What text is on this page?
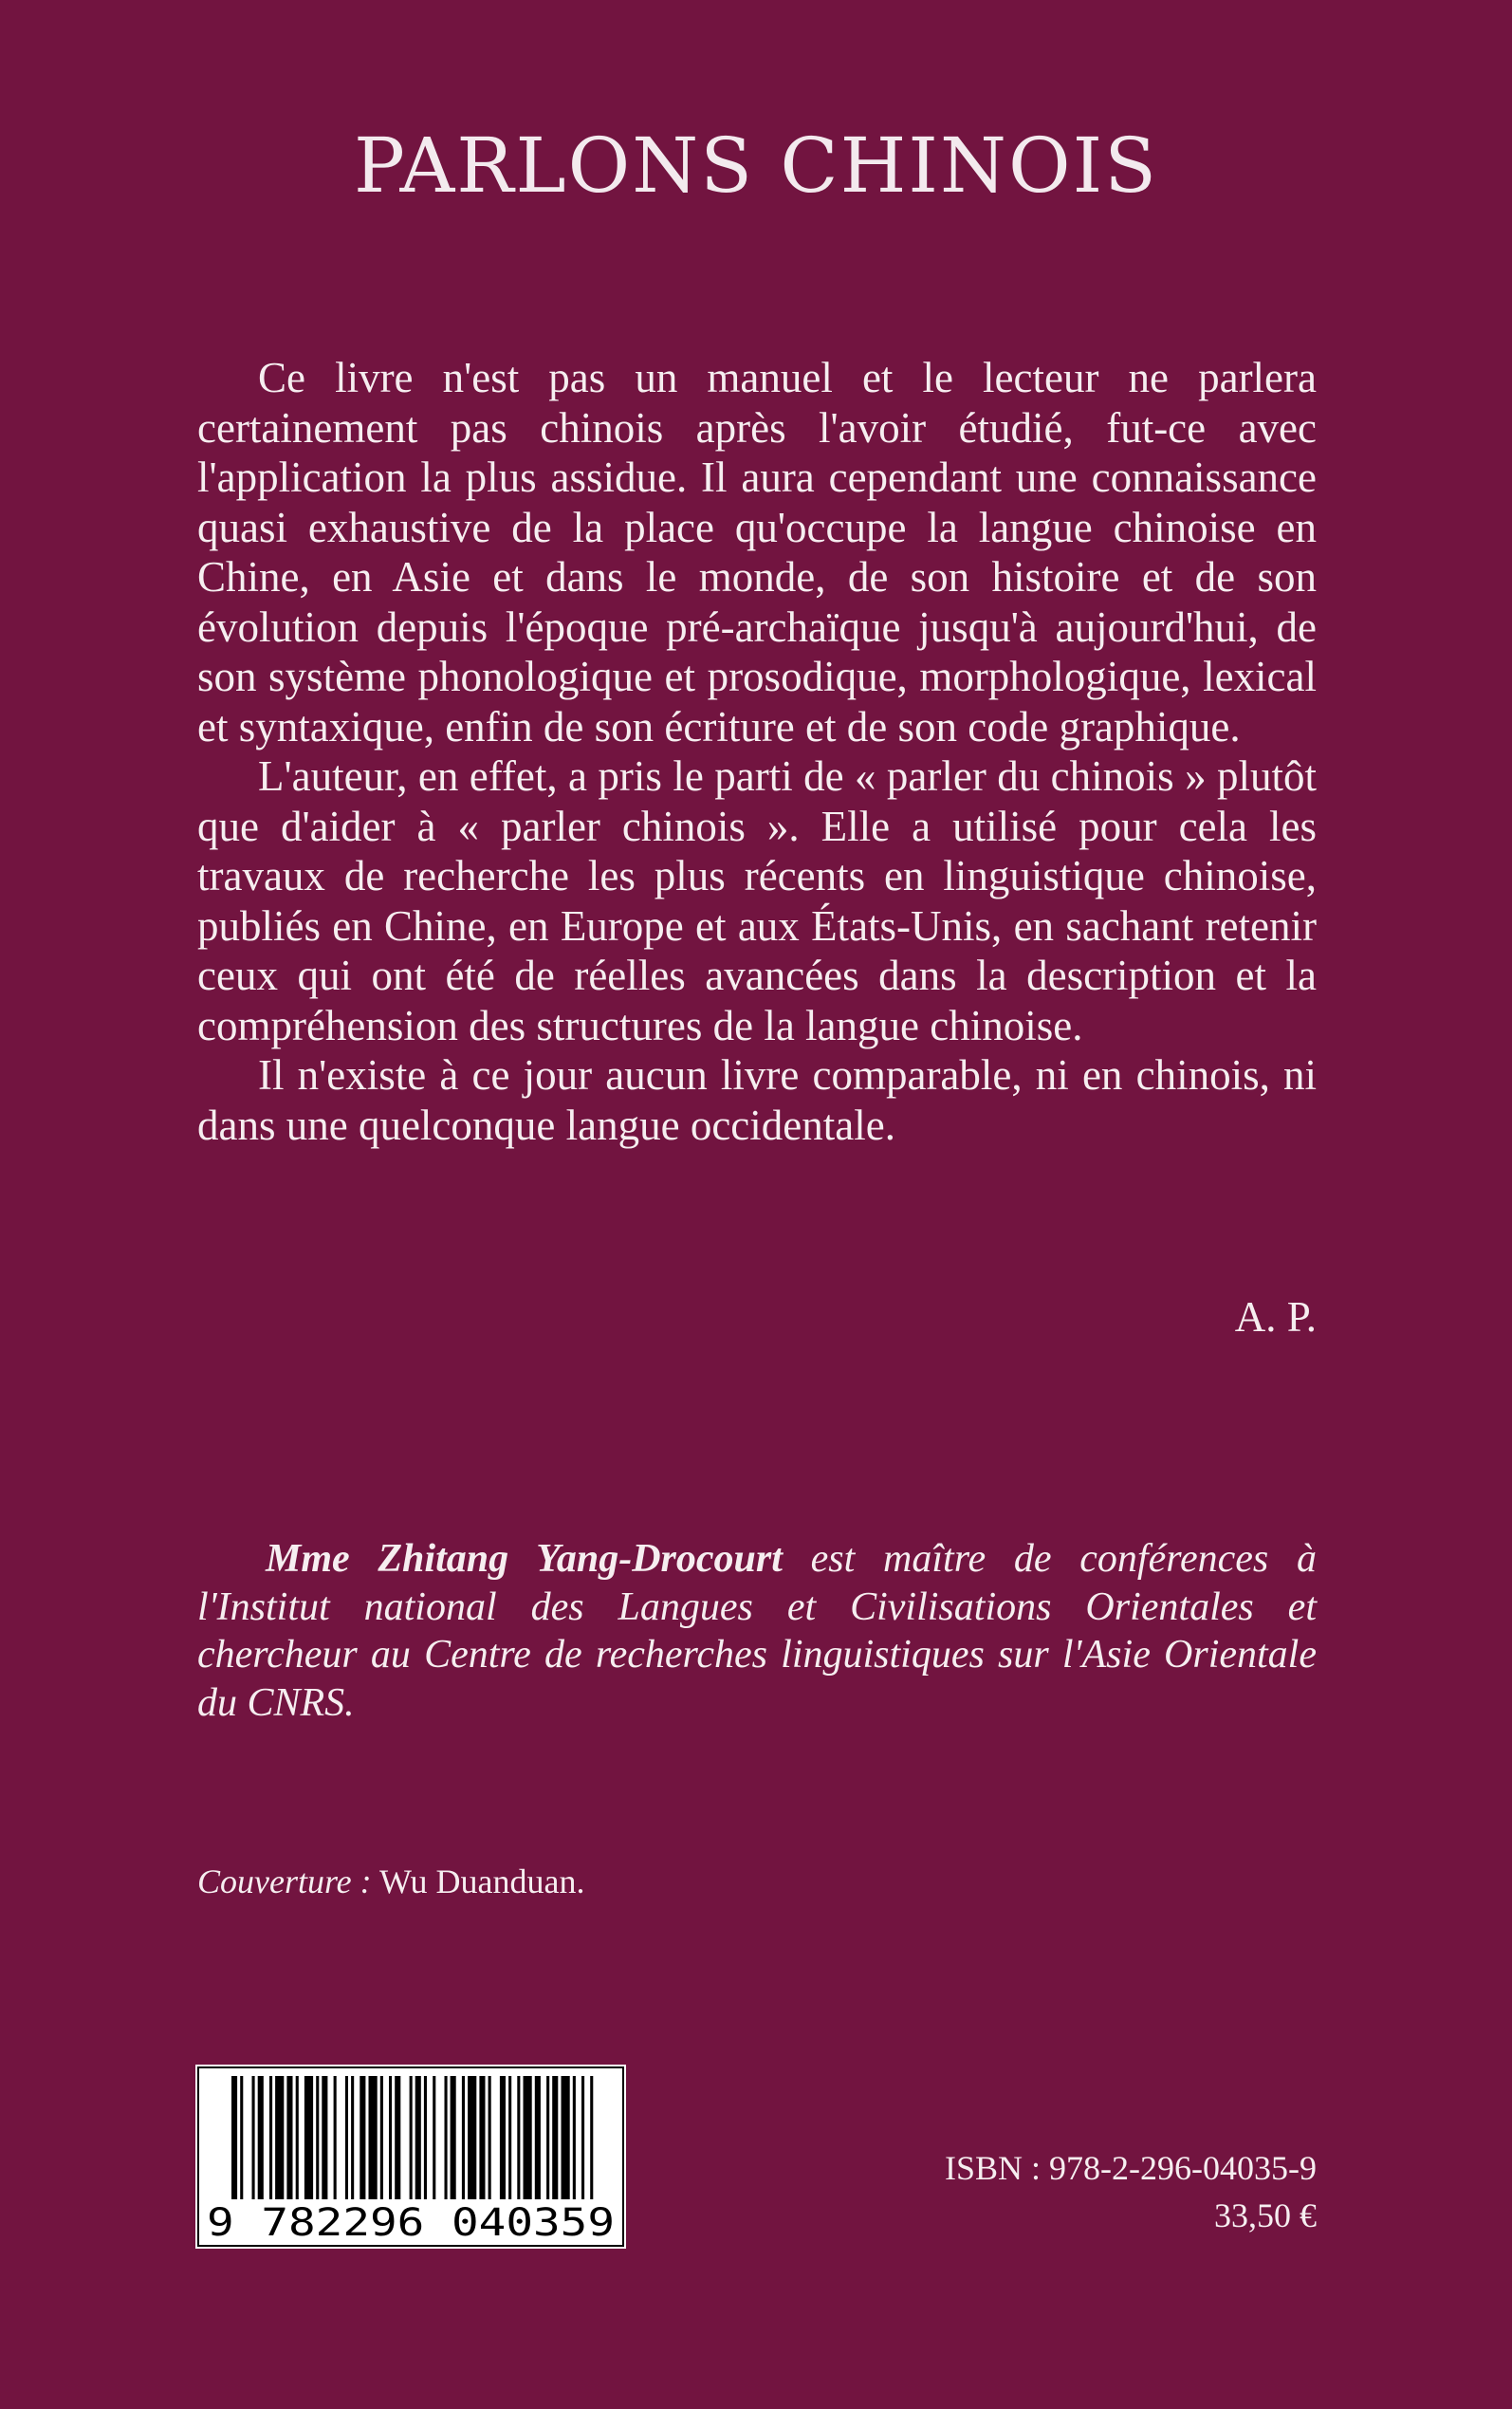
PARLONS CHINOIS

Ce livre n'est pas un manuel et le lecteur ne parlera certainement pas chinois après l'avoir étudié, fut-ce avec l'application la plus assidue. Il aura cependant une connaissance quasi exhaustive de la place qu'occupe la langue chinoise en Chine, en Asie et dans le monde, de son histoire et de son évolution depuis l'époque pré-archaïque jusqu'à aujourd'hui, de son système phonologique et prosodique, morphologique, lexical et syntaxique, enfin de son écriture et de son code graphique.

L'auteur, en effet, a pris le parti de « parler du chinois » plutôt que d'aider à « parler chinois ». Elle a utilisé pour cela les travaux de recherche les plus récents en linguistique chinoise, publiés en Chine, en Europe et aux États-Unis, en sachant retenir ceux qui ont été de réelles avancées dans la description et la compréhension des structures de la langue chinoise.

Il n'existe à ce jour aucun livre comparable, ni en chinois, ni dans une quelconque langue occidentale.

A. P.

Mme Zhitang Yang-Drocourt est maître de conférences à l'Institut national des Langues et Civilisations Orientales et chercheur au Centre de recherches linguistiques sur l'Asie Orientale du CNRS.

Couverture : Wu Duanduan.
9 782296 040359
ISBN : 978-2-296-04035-9
33,50 €
